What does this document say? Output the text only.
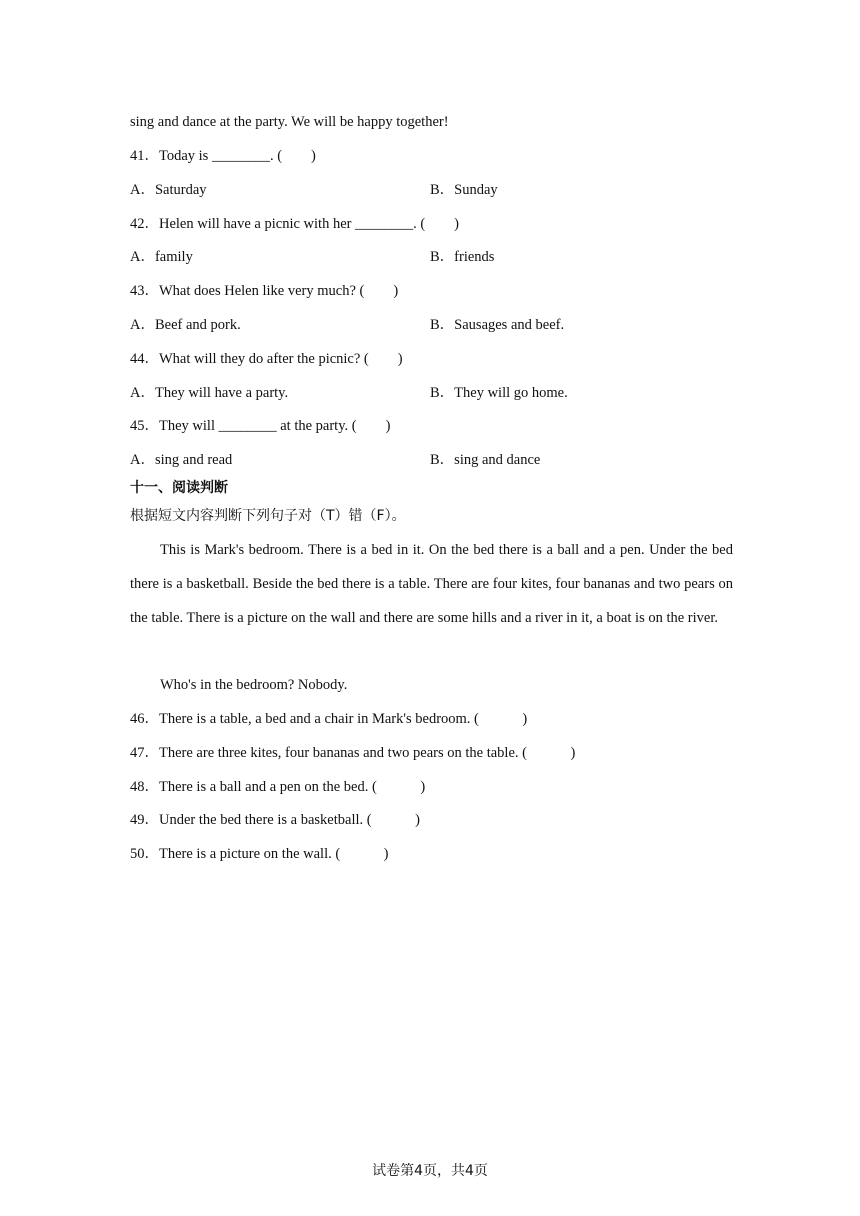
sing and dance at the party. We will be happy together!
41．Today is ________. (　　)
A．Saturday	B．Sunday
42．Helen will have a picnic with her ________. (　　)
A．family	B．friends
43．What does Helen like very much? (　　)
A．Beef and pork.	B．Sausages and beef.
44．What will they do after the picnic? (　　)
A．They will have a party.	B．They will go home.
45．They will ________ at the party. (　　)
A．sing and read	B．sing and dance
十一、阅读判断
根据短文内容判断下列句子对（T）错（F）。
This is Mark's bedroom. There is a bed in it. On the bed there is a ball and a pen. Under the bed there is a basketball. Beside the bed there is a table. There are four kites, four bananas and two pears on the table. There is a picture on the wall and there are some hills and a river in it, a boat is on the river.
Who's in the bedroom? Nobody.
46．There is a table, a bed and a chair in Mark's bedroom. (　　　)
47．There are three kites, four bananas and two pears on the table. (　　　)
48．There is a ball and a pen on the bed. (　　　)
49．Under the bed there is a basketball. (　　　)
50．There is a picture on the wall. (　　　)
试卷第4页，共4页
